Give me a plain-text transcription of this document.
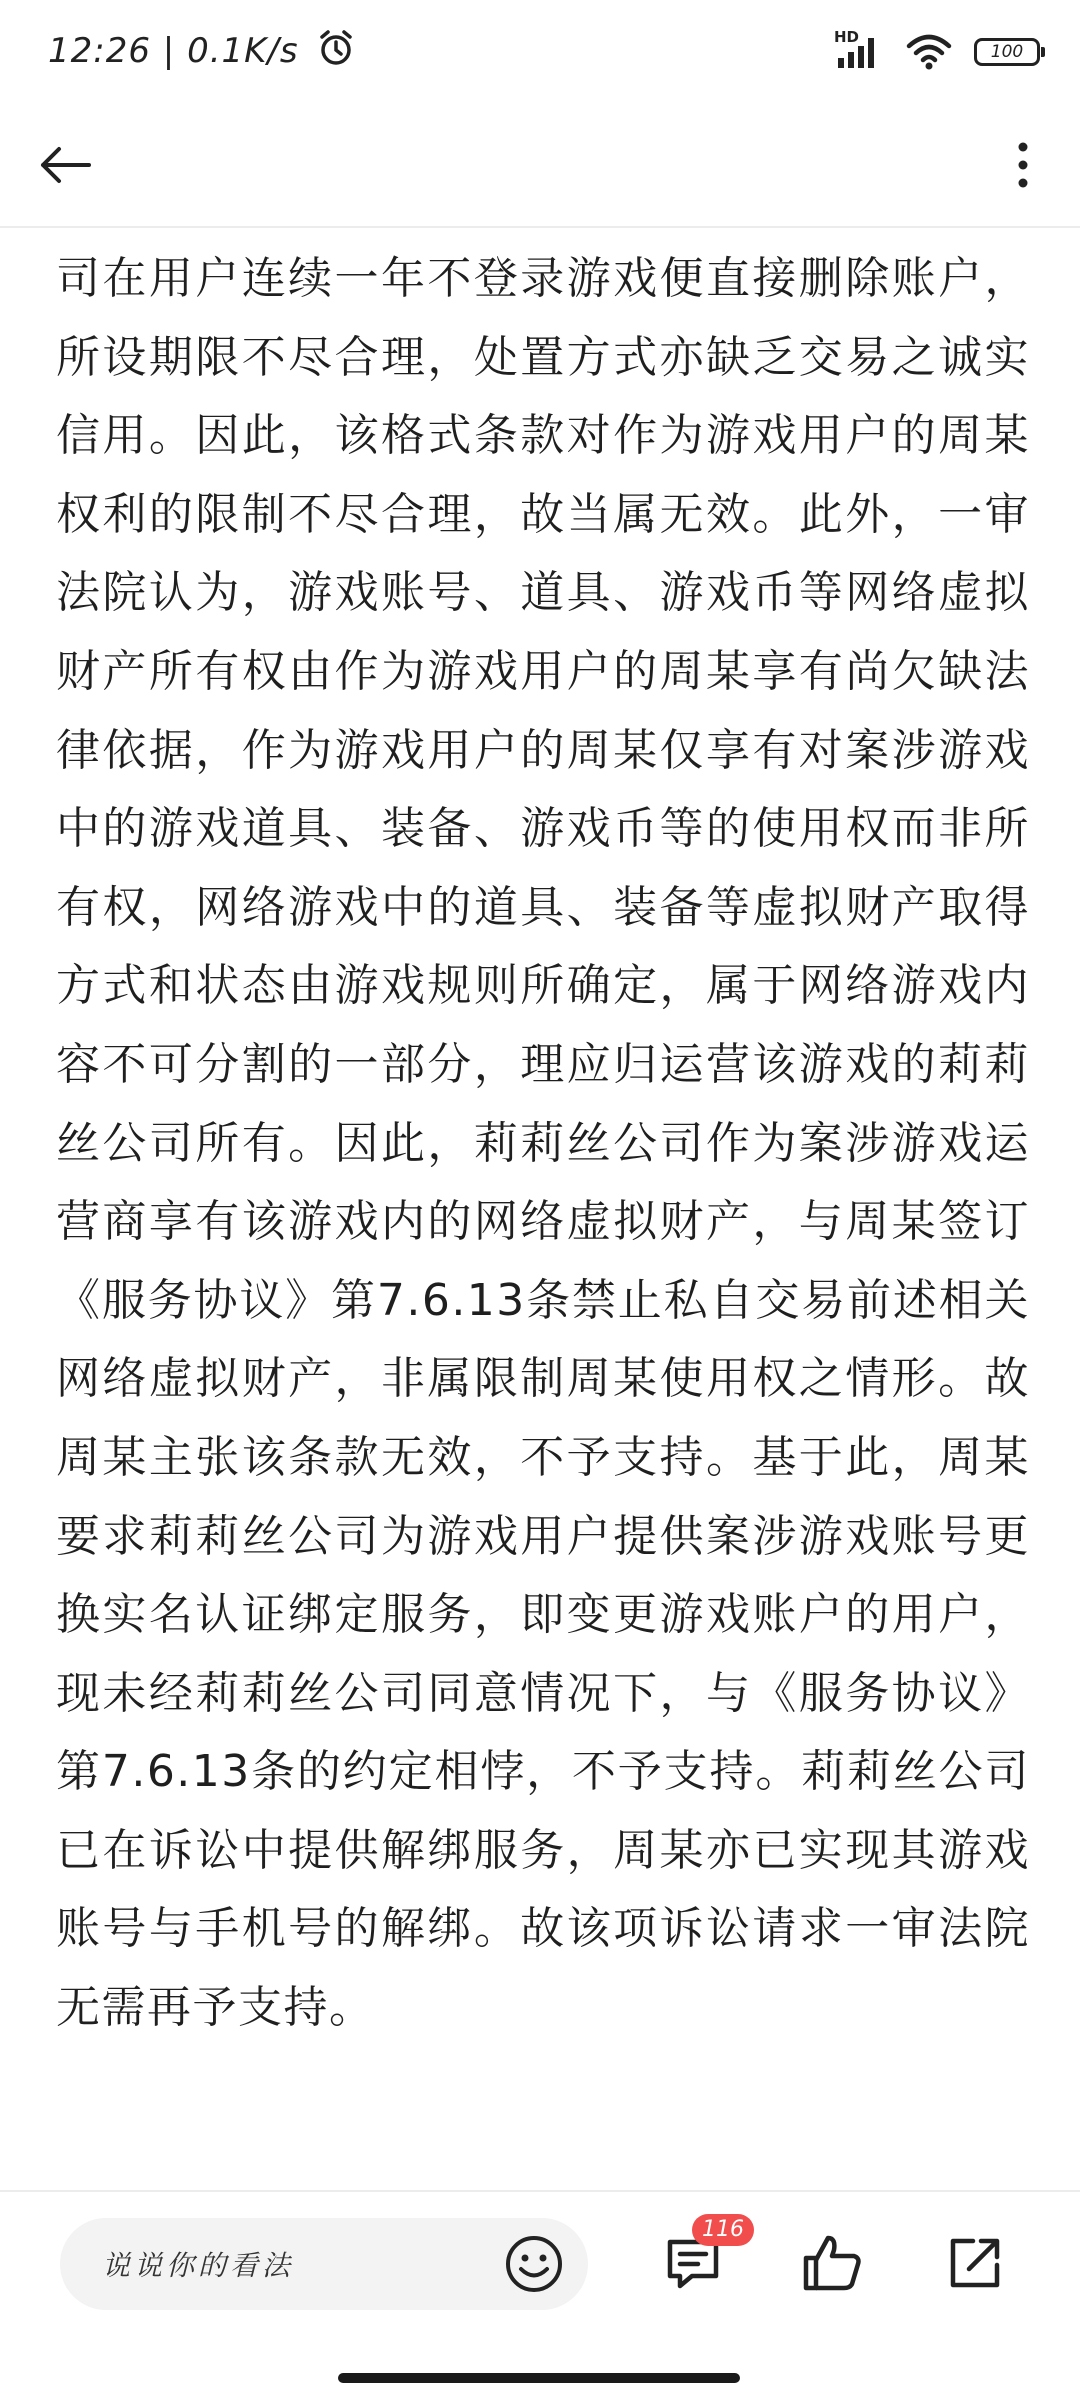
12:26 | 0.1K/s	HD
100

司在用户连续一年不登录游戏便直接删除账户，所设期限不尽合理，处置方式亦缺乏交易之诚实信用。因此，该格式条款对作为游戏用户的周某权利的限制不尽合理，故当属无效。此外，一审法院认为，游戏账号、道具、游戏币等网络虚拟财产所有权由作为游戏用户的周某享有尚欠缺法律依据，作为游戏用户的周某仅享有对案涉游戏中的游戏道具、装备、游戏币等的使用权而非所有权，网络游戏中的道具、装备等虚拟财产取得方式和状态由游戏规则所确定，属于网络游戏内容不可分割的一部分，理应归运营该游戏的莉莉丝公司所有。因此，莉莉丝公司作为案涉游戏运营商享有该游戏内的网络虚拟财产，与周某签订《服务协议》第7.6.13条禁止私自交易前述相关网络虚拟财产，非属限制周某使用权之情形。故周某主张该条款无效，不予支持。基于此，周某要求莉莉丝公司为游戏用户提供案涉游戏账号更换实名认证绑定服务，即变更游戏账户的用户，现未经莉莉丝公司同意情况下，与《服务协议》第7.6.13条的约定相悖，不予支持。莉莉丝公司已在诉讼中提供解绑服务，周某亦已实现其游戏账号与手机号的解绑。故该项诉讼请求一审法院无需再予支持。

说说你的看法
116
